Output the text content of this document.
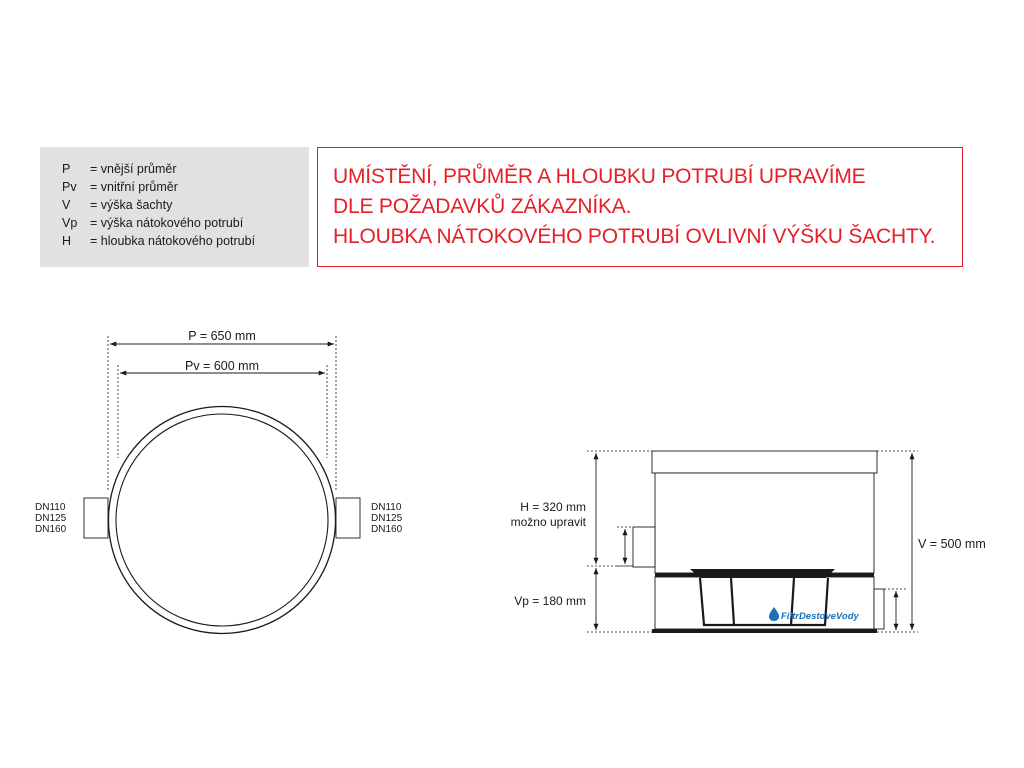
P = vnější průměr
Pv = vnitřní průměr
V = výška šachty
Vp = výška nátokového potrubí
H = hloubka nátokového potrubí
UMÍSTĚNÍ, PRŮMĚR A HLOUBKU POTRUBÍ UPRAVÍME
DLE POŽADAVKŮ ZÁKAZNÍKA.
HLOUBKA NÁTOKOVÉHO POTRUBÍ OVLIVNÍ VÝŠKU ŠACHTY.
P = 650 mm
Pv = 600 mm
DN110
DN125
DN160
DN110
DN125
DN160
FiltrDestoveVody
H = 320 mm
možno upravit
Vp = 180 mm
V = 500 mm
